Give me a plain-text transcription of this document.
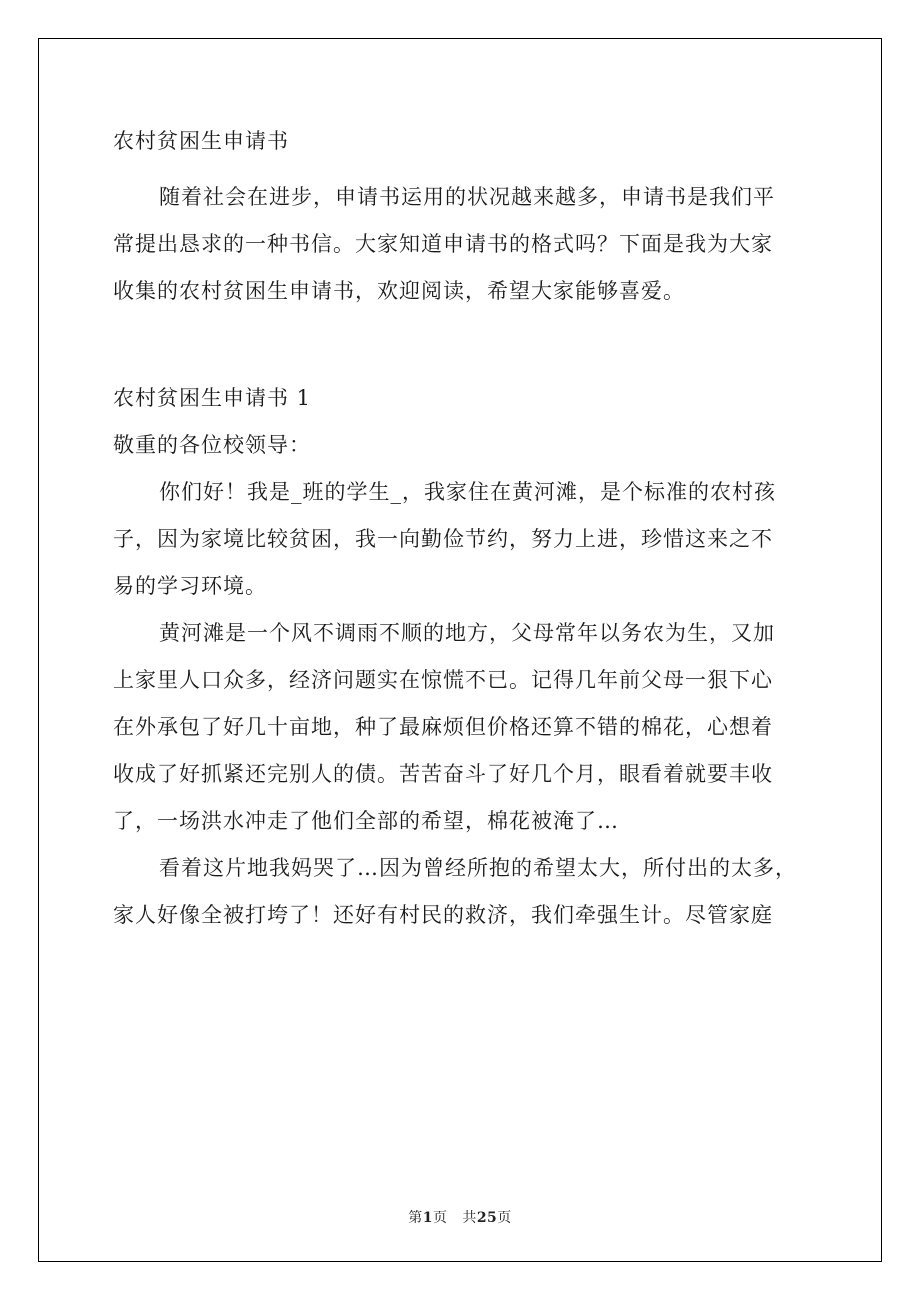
农村贫困生申请书

随着社会在进步，申请书运用的状况越来越多，申请书是我们平

常提出恳求的一种书信。大家知道申请书的格式吗？下面是我为大家

收集的农村贫困生申请书，欢迎阅读，希望大家能够喜爱。

农村贫困生申请书 1

敬重的各位校领导：

你们好！我是_班的学生_，我家住在黄河滩，是个标准的农村孩

子，因为家境比较贫困，我一向勤俭节约，努力上进，珍惜这来之不

易的学习环境。

黄河滩是一个风不调雨不顺的地方，父母常年以务农为生，又加

上家里人口众多，经济问题实在惊慌不已。记得几年前父母一狠下心

在外承包了好几十亩地，种了最麻烦但价格还算不错的棉花，心想着

收成了好抓紧还完别人的债。苦苦奋斗了好几个月，眼看着就要丰收

了，一场洪水冲走了他们全部的希望，棉花被淹了…

看着这片地我妈哭了…因为曾经所抱的希望太大，所付出的太多，

家人好像全被打垮了！还好有村民的救济，我们牵强生计。尽管家庭

第1页 共25页
